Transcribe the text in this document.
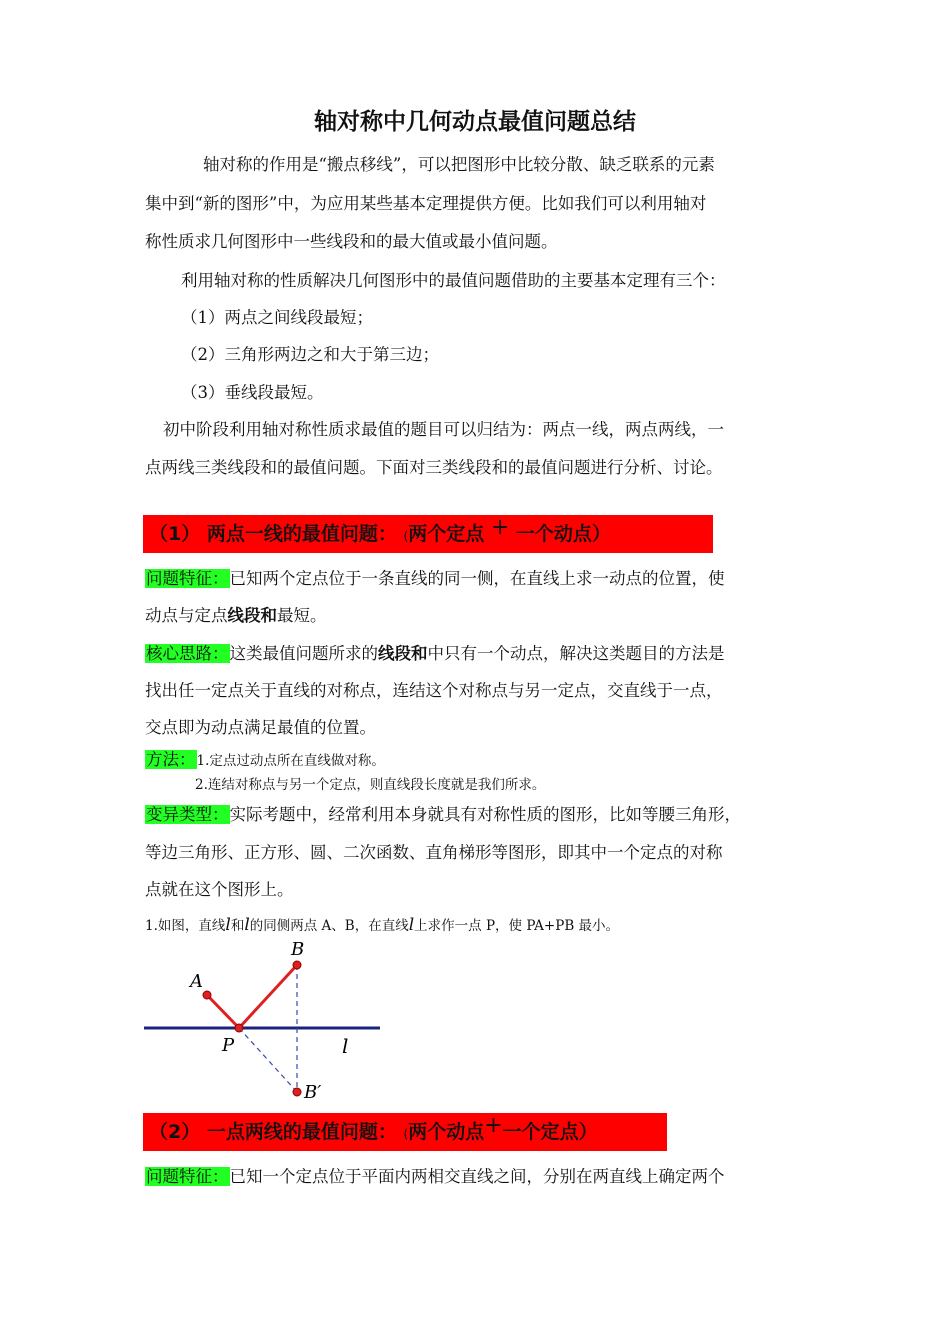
轴对称中几何动点最值问题总结
轴对称的作用是“搬点移线”，可以把图形中比较分散、缺乏联系的元素
集中到“新的图形”中，为应用某些基本定理提供方便。比如我们可以利用轴对
称性质求几何图形中一些线段和的最大值或最小值问题。
利用轴对称的性质解决几何图形中的最值问题借助的主要基本定理有三个：
（1）两点之间线段最短；
（2）三角形两边之和大于第三边；
（3）垂线段最短。
初中阶段利用轴对称性质求最值的题目可以归结为：两点一线，两点两线，一
点两线三类线段和的最值问题。下面对三类线段和的最值问题进行分析、讨论。
（1） 两点一线的最值问题： (两个定点 + 一个动点）
问题特征：已知两个定点位于一条直线的同一侧，在直线上求一动点的位置，使
动点与定点线段和最短。
核心思路：这类最值问题所求的线段和中只有一个动点，解决这类题目的方法是
找出任一定点关于直线的对称点，连结这个对称点与另一定点，交直线于一点，
交点即为动点满足最值的位置。
方法：1.定点过动点所在直线做对称。
2.连结对称点与另一个定点，则直线段长度就是我们所求。
变异类型：实际考题中，经常利用本身就具有对称性质的图形，比如等腰三角形，
等边三角形、正方形、圆、二次函数、直角梯形等图形，即其中一个定点的对称
点就在这个图形上。
1.如图，直线l和l的同侧两点 A、B，在直线l上求作一点 P，使 PA+PB 最小。
A
B
P	l
B′
（2） 一点两线的最值问题： (两个动点+一个定点）
问题特征：已知一个定点位于平面内两相交直线之间，分别在两直线上确定两个
